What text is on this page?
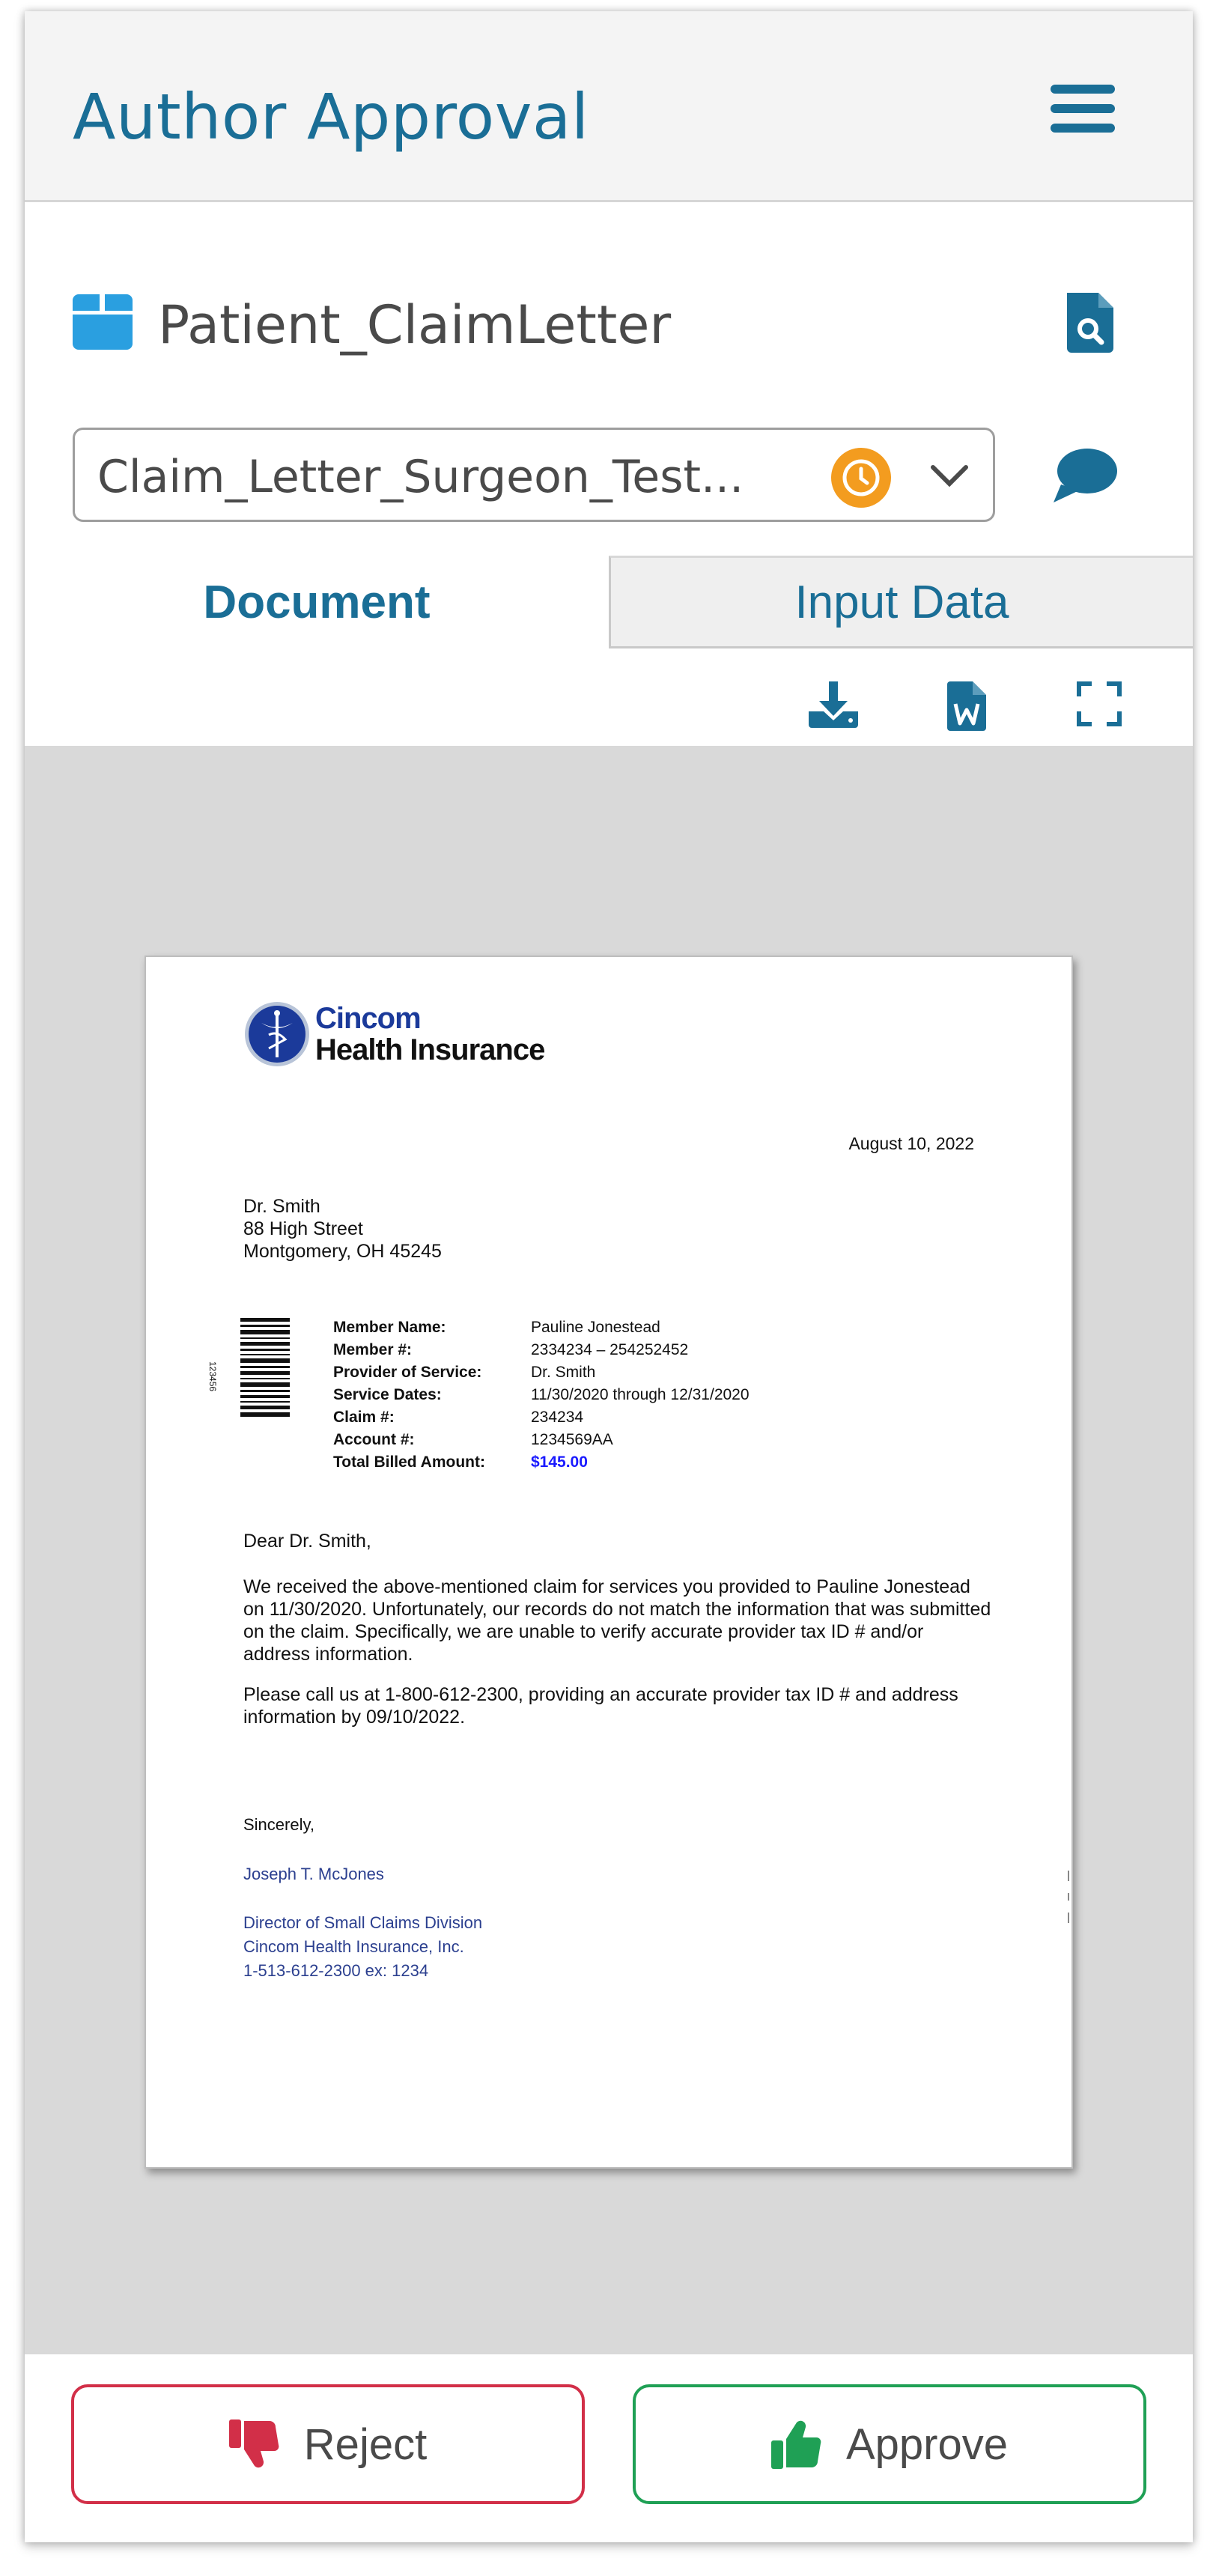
Author Approval
Patient_ClaimLetter
Claim_Letter_Surgeon_Test...
Document	Input Data
Cincom
Health Insurance
August 10, 2022
Dr. Smith
88 High Street
Montgomery, OH 45245
123456
Member Name:	Pauline Jonestead
Member #:	2334234 – 254252452
Provider of Service:	Dr. Smith
Service Dates:	11/30/2020 through 12/31/2020
Claim #:	234234
Account #:	1234569AA
Total Billed Amount:	$145.00
Dear Dr. Smith,
We received the above-mentioned claim for services you provided to Pauline Jonestead on 11/30/2020. Unfortunately, our records do not match the information that was submitted on the claim. Specifically, we are unable to verify accurate provider tax ID # and/or address information.
Please call us at 1-800-612-2300, providing an accurate provider tax ID # and address information by 09/10/2022.
Sincerely,
Joseph T. McJones
Director of Small Claims Division
Cincom Health Insurance, Inc.
1-513-612-2300 ex: 1234
Reject	Approve
